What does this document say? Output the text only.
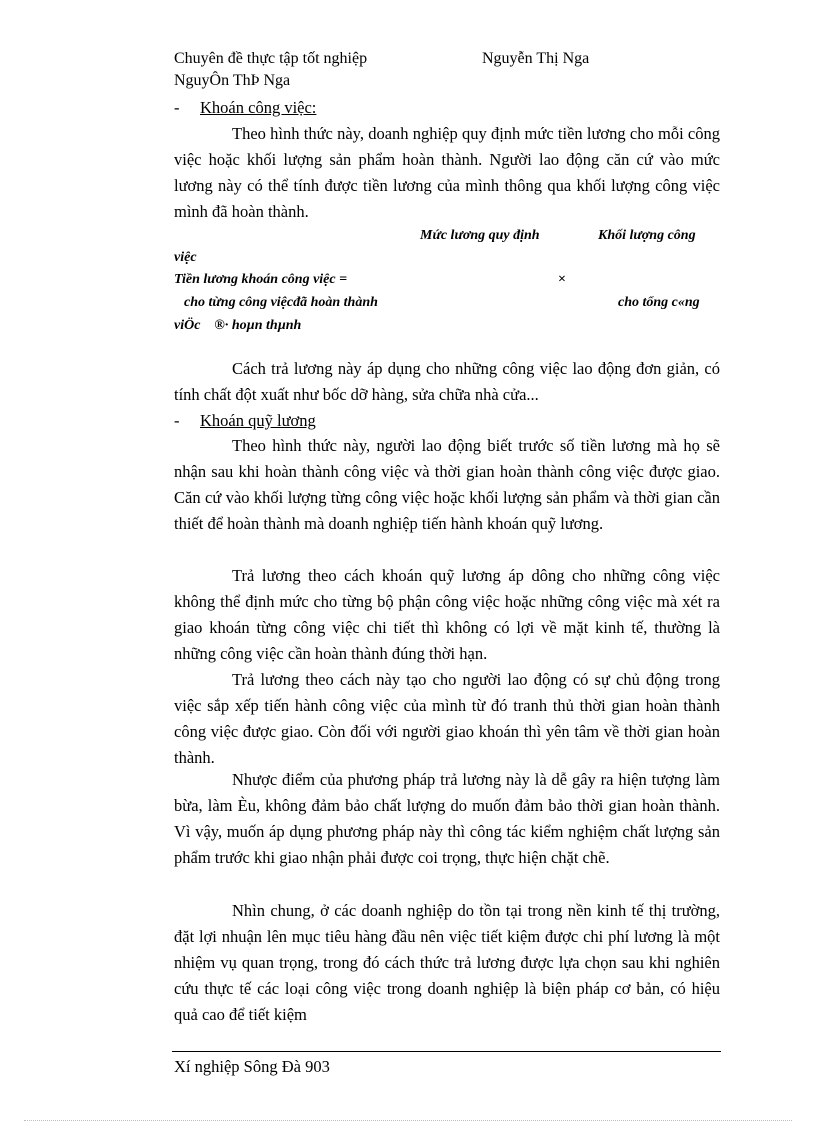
Chuyên đề thực tập tốt nghiệp	Nguyễn Thị Nga
NguyÔn ThÞ Nga
- Khoán công việc:
Theo hình thức này, doanh nghiệp quy định mức tiền lương cho mỗi công việc hoặc khối lượng sản phẩm hoàn thành. Người lao động căn cứ vào mức lương này có thể tính được tiền lương của mình thông qua khối lượng công việc mình đã hoàn thành.
Mức lương quy định	Khối lượng công
việc
Tiền lương khoán công việc =	×
cho từng công việcđã hoàn thành	cho tổng c«ng
viÖc    ®· hoµn thµnh
Cách trả lương này áp dụng cho những công việc lao động đơn giản, có tính chất đột xuất như bốc dỡ hàng, sửa chữa nhà cửa...
- Khoán quỹ lương
Theo hình thức này, người lao động biết trước số tiền lương mà họ sẽ nhận sau khi hoàn thành công việc và thời gian hoàn thành công việc được giao. Căn cứ vào khối lượng từng công việc hoặc khối lượng sản phẩm và thời gian cần thiết để hoàn thành mà doanh nghiệp tiến hành khoán quỹ lương.
Trả lương theo cách khoán quỹ lương áp dông cho những công việc không thể định mức cho từng bộ phận công việc hoặc những công việc mà xét ra giao khoán từng công việc chi tiết thì không có lợi về mặt kinh tế, thường là những công việc cần hoàn thành đúng thời hạn.
Trả lương theo cách này tạo cho người lao động có sự chủ động trong việc sắp xếp tiến hành công việc của mình từ đó tranh thủ thời gian hoàn thành công việc được giao. Còn đối với người giao khoán thì yên tâm về thời gian hoàn thành.
Nhược điểm của phương pháp trả lương này là dễ gây ra hiện tượng làm bừa, làm Èu, không đảm bảo chất lượng do muốn đảm bảo thời gian hoàn thành. Vì vậy, muốn áp dụng phương pháp này thì công tác kiểm nghiệm chất lượng sản phẩm trước khi giao nhận phải được coi trọng, thực hiện chặt chẽ.
Nhìn chung, ở các doanh nghiệp do tồn tại trong nền kinh tế thị trường, đặt lợi nhuận lên mục tiêu hàng đầu nên việc tiết kiệm được chi phí lương là một nhiệm vụ quan trọng, trong đó cách thức trả lương được lựa chọn sau khi nghiên cứu thực tế các loại công việc trong doanh nghiệp là biện pháp cơ bản, có hiệu quả cao để tiết kiệm
Xí nghiệp Sông Đà 903
